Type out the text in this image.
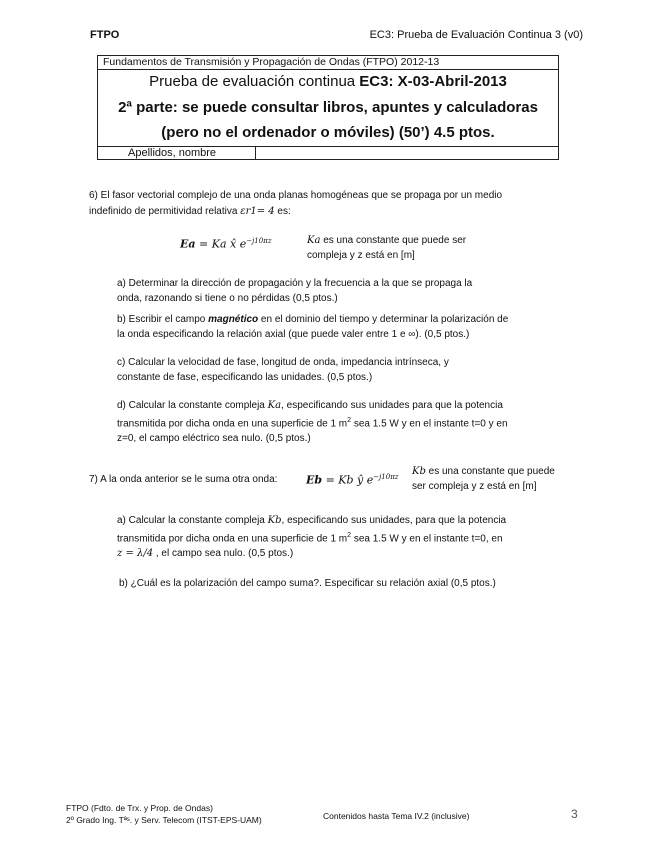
FTPO	EC3: Prueba de Evaluación Continua 3 (v0)
Fundamentos de Transmisión y Propagación de Ondas (FTPO) 2012-13
Prueba de evaluación continua EC3: X-03-Abril-2013
2ª parte: se puede consultar libros, apuntes y calculadoras
(pero no el ordenador o móviles) (50’) 4.5 ptos.
Apellidos, nombre
6) El fasor vectorial complejo de una onda planas homogéneas que se propaga por un medio
indefinido de permitividad relativa εr1= 4 es:
Ea = Ka x̂ $e^{-j10\pi z}$	Ka es una constante que puede ser
compleja y z está en [m]
a) Determinar la dirección de propagación y la frecuencia a la que se propaga la
onda, razonando si tiene o no pérdidas (0,5 ptos.)
b) Escribir el campo magnético en el dominio del tiempo y determinar la polarización de
la onda especificando la relación axial (que puede valer entre 1 e ∞). (0,5 ptos.)
c) Calcular la velocidad de fase, longitud de onda, impedancia intrínseca, y
constante de fase, especificando las unidades. (0,5 ptos.)
d) Calcular la constante compleja Ka, especificando sus unidades para que la potencia
transmitida por dicha onda en una superficie de 1 $m^2$ sea 1.5 W y en el instante t=0 y en
z=0, el campo eléctrico sea nulo. (0,5 ptos.)
7) A la onda anterior se le suma otra onda:	Eb = Kb ŷ $e^{-j10\pi z}$ Kb es una constante que puede
ser compleja y z está en [m]
a) Calcular la constante compleja Kb, especificando sus unidades, para que la potencia
transmitida por dicha onda en una superficie de 1 $m^2$ sea 1.5 W y en el instante t=0, en
z = λ/4 , el campo sea nulo. (0,5 ptos.)
b) ¿Cuál es la polarización del campo suma?. Especificar su relación axial (0,5 ptos.)
FTPO (Fdto. de Trx. y Prop. de Ondas)
2º Grado Ing. Tªˢ. y Serv. Telecom (ITST-EPS-UAM)	Contenidos hasta Tema IV.2 (inclusive)	3
